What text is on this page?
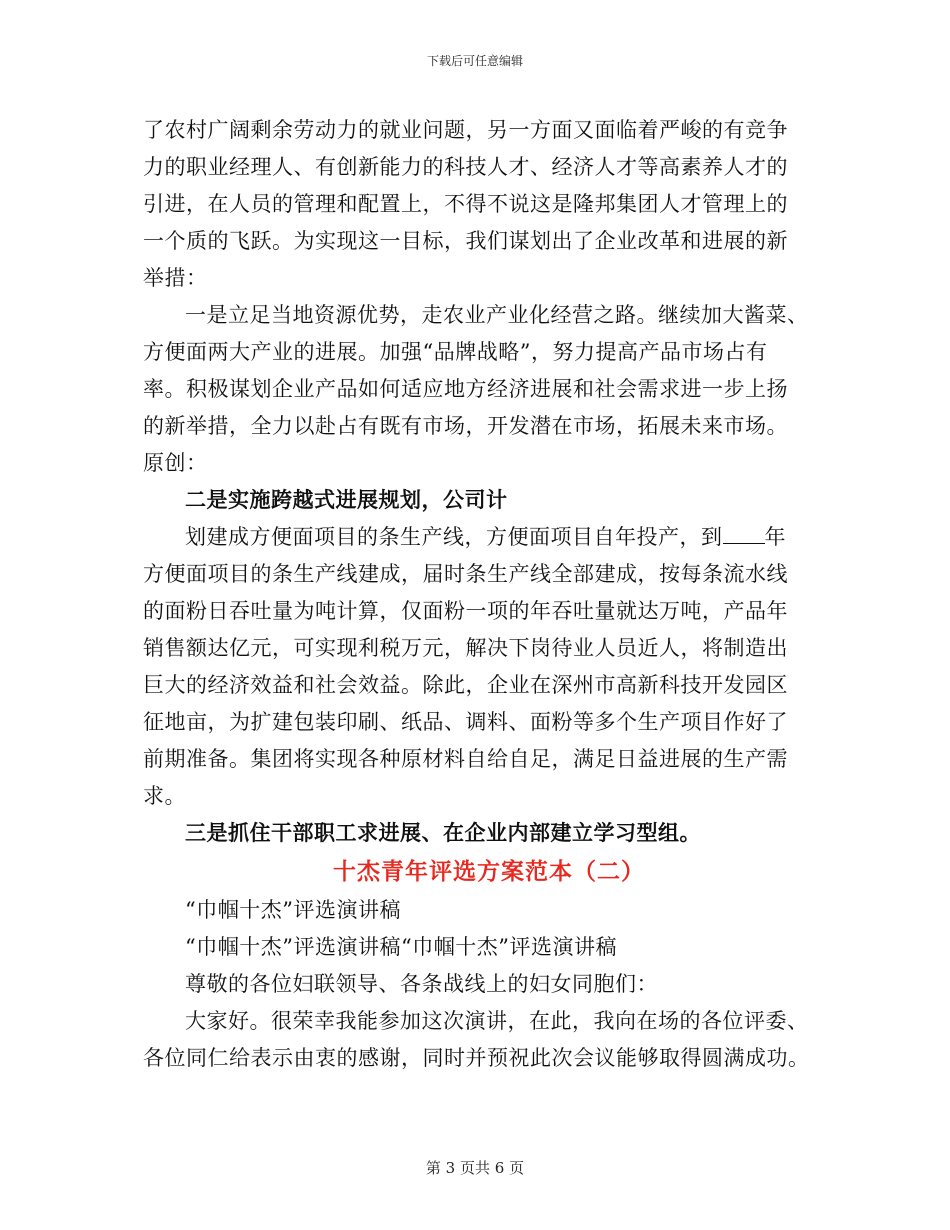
下载后可任意编辑
了农村广阔剩余劳动力的就业问题，另一方面又面临着严峻的有竞争
力的职业经理人、有创新能力的科技人才、经济人才等高素养人才的
引进，在人员的管理和配置上，不得不说这是隆邦集团人才管理上的
一个质的飞跃。为实现这一目标，我们谋划出了企业改革和进展的新
举措：
一是立足当地资源优势，走农业产业化经营之路。继续加大酱菜、
方便面两大产业的进展。加强“品牌战略”，努力提高产品市场占有
率。积极谋划企业产品如何适应地方经济进展和社会需求进一步上扬
的新举措，全力以赴占有既有市场，开发潜在市场，拓展未来市场。
原创：
二是实施跨越式进展规划，公司计
划建成方便面项目的条生产线，方便面项目自年投产，到 年
方便面项目的条生产线建成，届时条生产线全部建成，按每条流水线
的面粉日吞吐量为吨计算，仅面粉一项的年吞吐量就达万吨，产品年
销售额达亿元，可实现利税万元，解决下岗待业人员近人，将制造出
巨大的经济效益和社会效益。除此，企业在深州市高新科技开发园区
征地亩，为扩建包装印刷、纸品、调料、面粉等多个生产项目作好了
前期准备。集团将实现各种原材料自给自足，满足日益进展的生产需
求。
三是抓住干部职工求进展、在企业内部建立学习型组。
十杰青年评选方案范本（二）
“巾帼十杰”评选演讲稿
“巾帼十杰”评选演讲稿“巾帼十杰”评选演讲稿
尊敬的各位妇联领导、各条战线上的妇女同胞们：
大家好。很荣幸我能参加这次演讲，在此，我向在场的各位评委、
各位同仁给表示由衷的感谢，同时并预祝此次会议能够取得圆满成功。
第 3 页共 6 页
